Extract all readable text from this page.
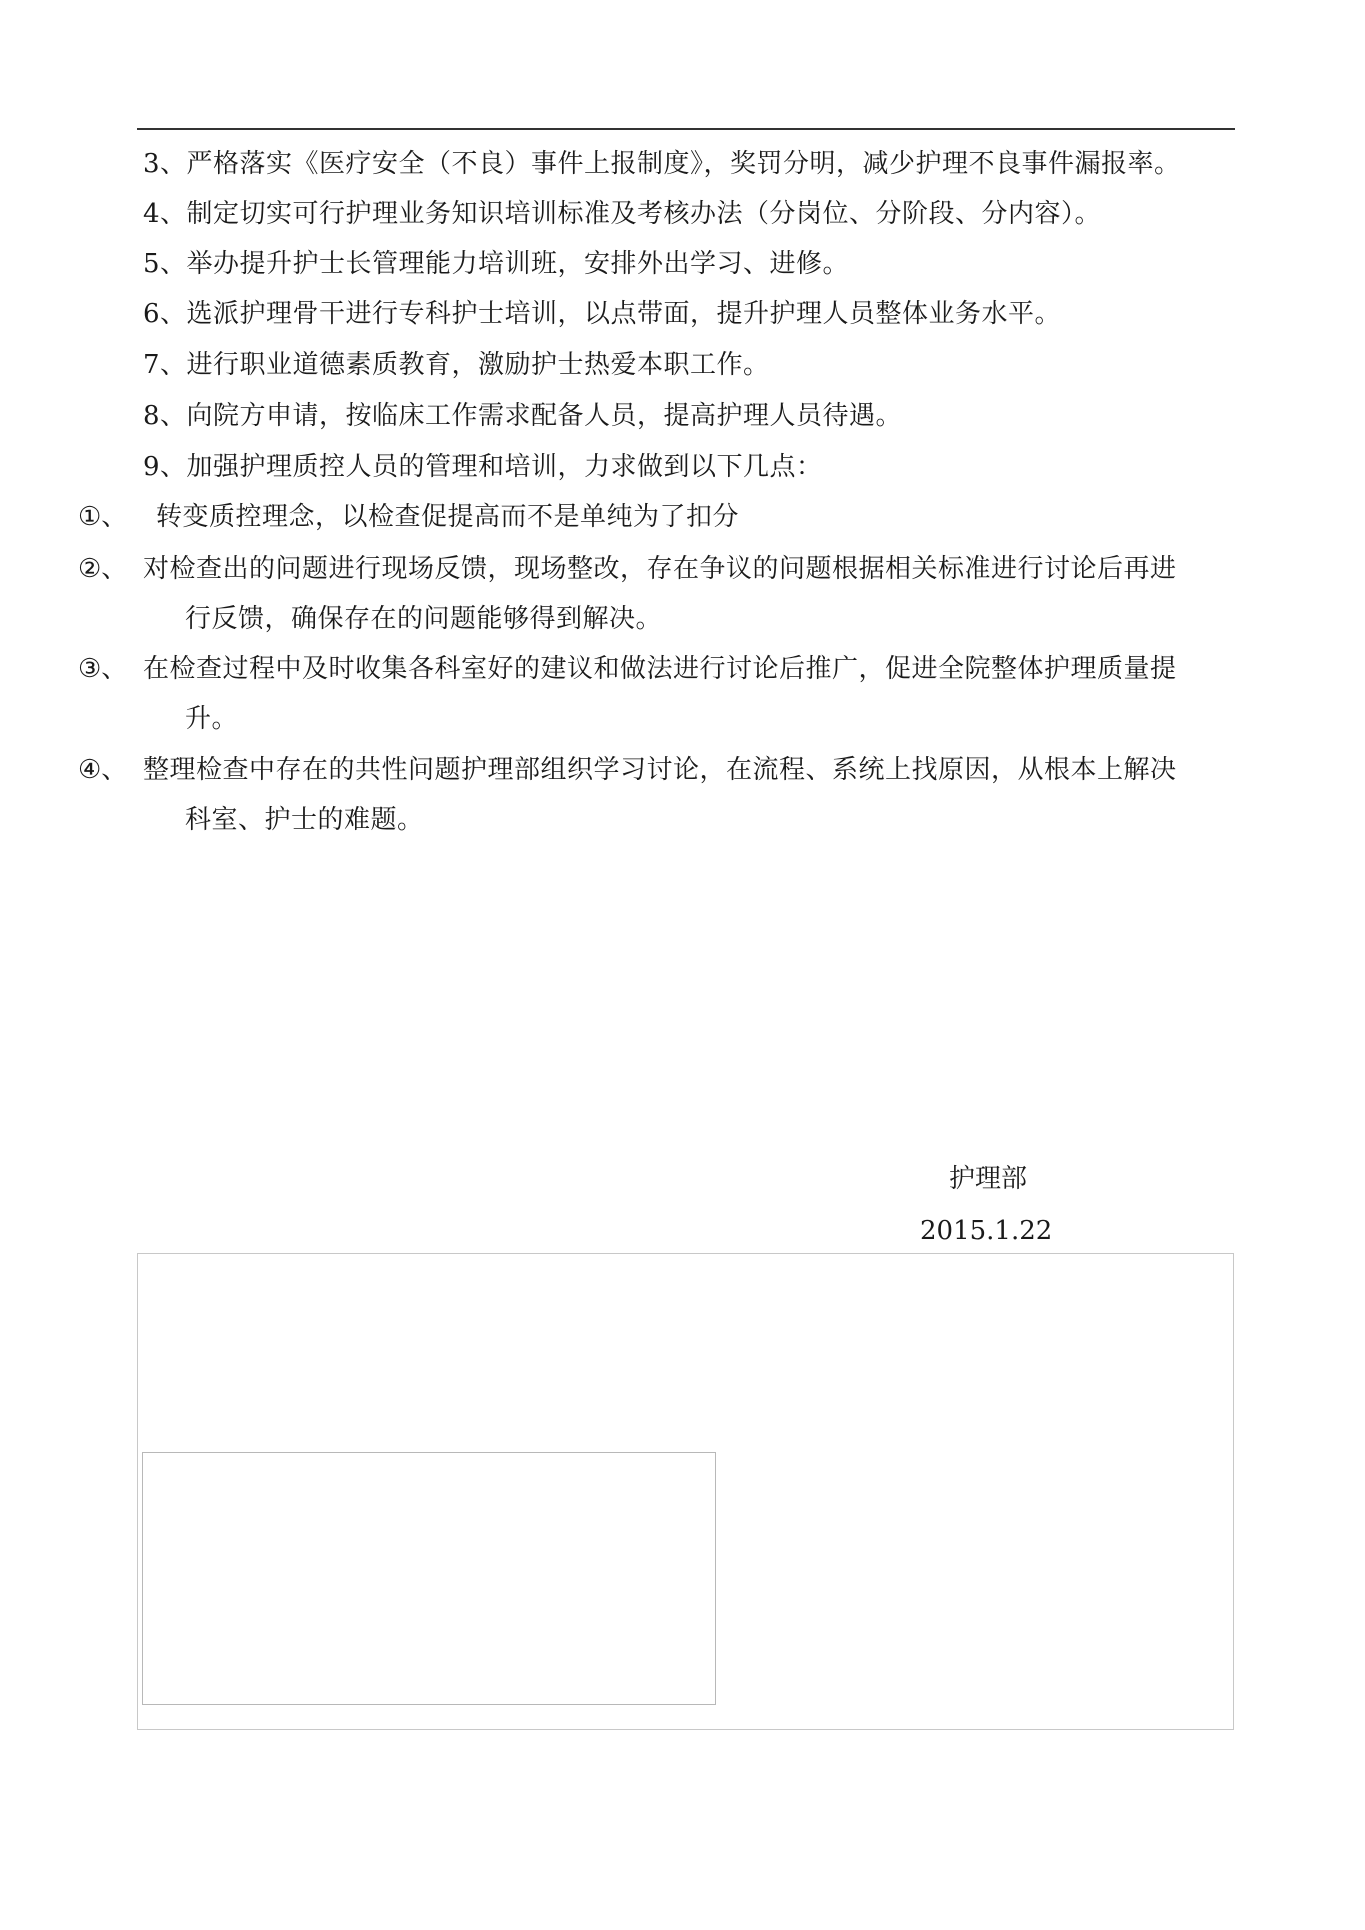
3、严格落实《医疗安全（不良）事件上报制度》，奖罚分明，减少护理不良事件漏报率。
4、制定切实可行护理业务知识培训标准及考核办法（分岗位、分阶段、分内容）。
5、举办提升护士长管理能力培训班，安排外出学习、进修。
6、选派护理骨干进行专科护士培训，以点带面，提升护理人员整体业务水平。
7、进行职业道德素质教育，激励护士热爱本职工作。
8、向院方申请，按临床工作需求配备人员，提高护理人员待遇。
9、加强护理质控人员的管理和培训，力求做到以下几点：
①、 转变质控理念，以检查促提高而不是单纯为了扣分
②、 对检查出的问题进行现场反馈，现场整改，存在争议的问题根据相关标准进行讨论后再进
行反馈，确保存在的问题能够得到解决。
③、 在检查过程中及时收集各科室好的建议和做法进行讨论后推广，促进全院整体护理质量提
升。
④、 整理检查中存在的共性问题护理部组织学习讨论，在流程、系统上找原因，从根本上解决
科室、护士的难题。
护理部
2015.1.22
